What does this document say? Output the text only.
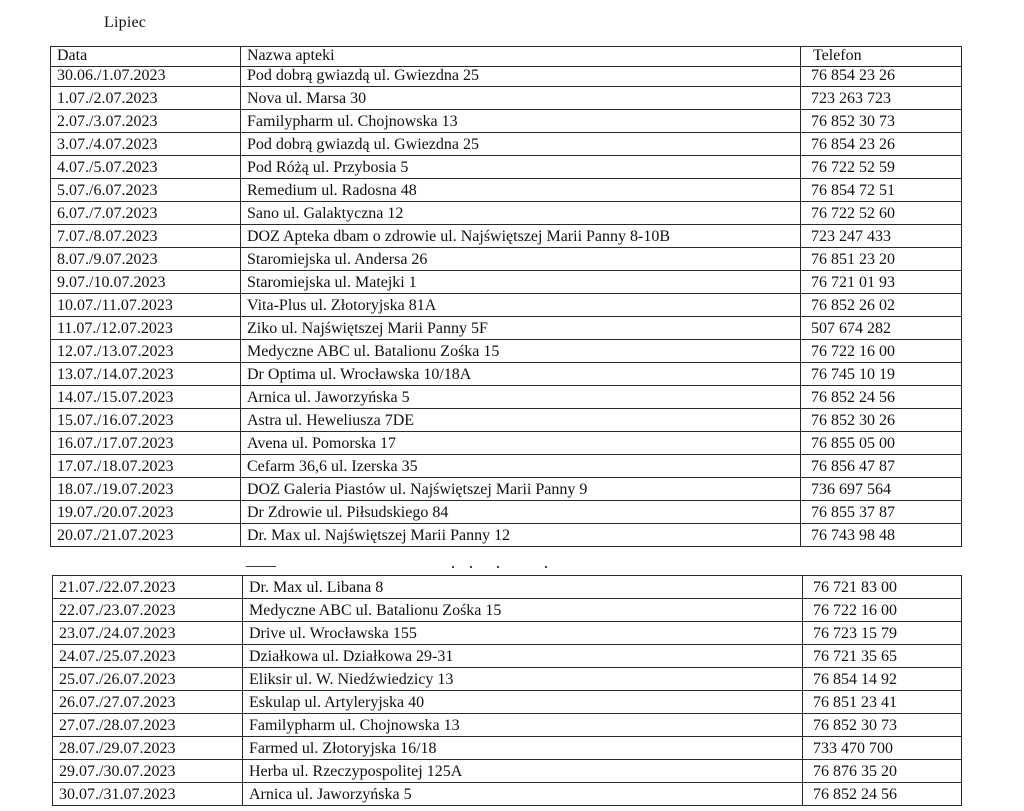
Lipiec
Data	Nazwa apteki	Telefon
30.06./1.07.2023	Pod dobrą gwiazdą ul. Gwiezdna 25	76 854 23 26
1.07./2.07.2023	Nova ul. Marsa 30	723 263 723
2.07./3.07.2023	Familypharm ul. Chojnowska 13	76 852 30 73
3.07./4.07.2023	Pod dobrą gwiazdą ul. Gwiezdna 25	76 854 23 26
4.07./5.07.2023	Pod Różą ul. Przybosia 5	76 722 52 59
5.07./6.07.2023	Remedium ul. Radosna 48	76 854 72 51
6.07./7.07.2023	Sano ul. Galaktyczna 12	76 722 52 60
7.07./8.07.2023	DOZ Apteka dbam o zdrowie ul. Najświętszej Marii Panny 8-10B	723 247 433
8.07./9.07.2023	Staromiejska ul. Andersa 26	76 851 23 20
9.07./10.07.2023	Staromiejska ul. Matejki 1	76 721 01 93
10.07./11.07.2023	Vita-Plus ul. Złotoryjska 81A	76 852 26 02
11.07./12.07.2023	Ziko ul. Najświętszej Marii Panny 5F	507 674 282
12.07./13.07.2023	Medyczne ABC ul. Batalionu Zośka 15	76 722 16 00
13.07./14.07.2023	Dr Optima ul. Wrocławska 10/18A	76 745 10 19
14.07./15.07.2023	Arnica ul. Jaworzyńska 5	76 852 24 56
15.07./16.07.2023	Astra ul. Heweliusza 7DE	76 852 30 26
16.07./17.07.2023	Avena ul. Pomorska 17	76 855 05 00
17.07./18.07.2023	Cefarm 36,6 ul. Izerska 35	76 856 47 87
18.07./19.07.2023	DOZ Galeria Piastów ul. Najświętszej Marii Panny 9	736 697 564
19.07./20.07.2023	Dr Zdrowie ul. Piłsudskiego 84	76 855 37 87
20.07./21.07.2023	Dr. Max ul. Najświętszej Marii Panny 12	76 743 98 48
21.07./22.07.2023	Dr. Max ul. Libana 8	76 721 83 00
22.07./23.07.2023	Medyczne ABC ul. Batalionu Zośka 15	76 722 16 00
23.07./24.07.2023	Drive ul. Wrocławska 155	76 723 15 79
24.07./25.07.2023	Działkowa ul. Działkowa 29-31	76 721 35 65
25.07./26.07.2023	Eliksir ul. W. Niedźwiedzicy 13	76 854 14 92
26.07./27.07.2023	Eskulap ul. Artyleryjska 40	76 851 23 41
27.07./28.07.2023	Familypharm ul. Chojnowska 13	76 852 30 73
28.07./29.07.2023	Farmed ul. Złotoryjska 16/18	733 470 700
29.07./30.07.2023	Herba ul. Rzeczypospolitej 125A	76 876 35 20
30.07./31.07.2023	Arnica ul. Jaworzyńska 5	76 852 24 56
